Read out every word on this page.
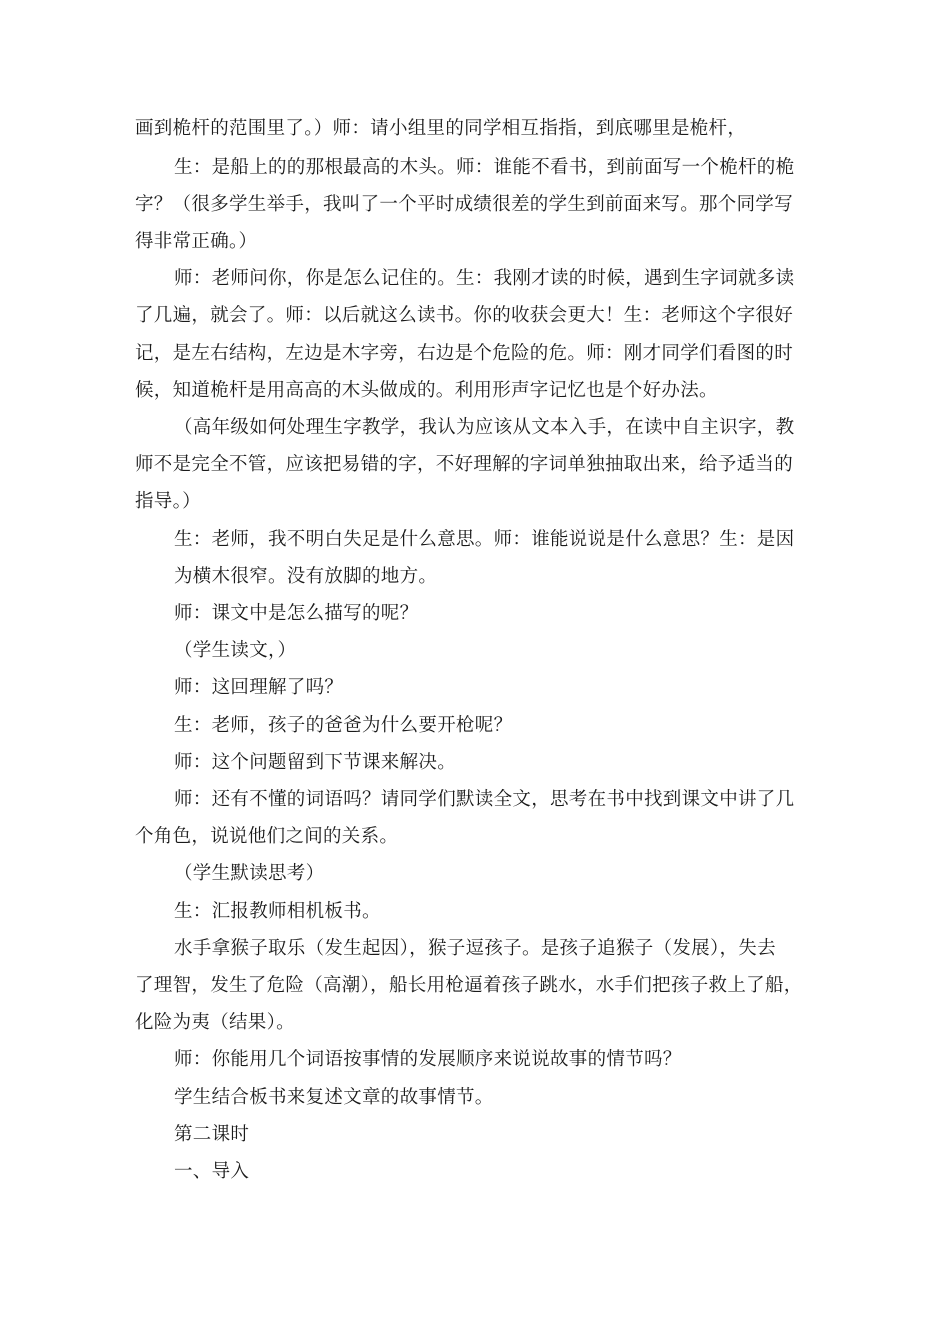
画到桅杆的范围里了。）师：请小组里的同学相互指指，到底哪里是桅杆，

生：是船上的的那根最高的木头。师：谁能不看书，到前面写一个桅杆的桅

字？（很多学生举手，我叫了一个平时成绩很差的学生到前面来写。那个同学写

得非常正确。）

师：老师问你，你是怎么记住的。生：我刚才读的时候，遇到生字词就多读

了几遍，就会了。师：以后就这么读书。你的收获会更大！生：老师这个字很好

记，是左右结构，左边是木字旁，右边是个危险的危。师：刚才同学们看图的时

候，知道桅杆是用高高的木头做成的。利用形声字记忆也是个好办法。

（高年级如何处理生字教学，我认为应该从文本入手，在读中自主识字，教

师不是完全不管，应该把易错的字，不好理解的字词单独抽取出来，给予适当的

指导。）

生：老师，我不明白失足是什么意思。师：谁能说说是什么意思？生：是因

为横木很窄。没有放脚的地方。

师：课文中是怎么描写的呢？

（学生读文，）

师：这回理解了吗？

生：老师，孩子的爸爸为什么要开枪呢？

师：这个问题留到下节课来解决。

师：还有不懂的词语吗？请同学们默读全文，思考在书中找到课文中讲了几

个角色，说说他们之间的关系。

（学生默读思考）

生：汇报教师相机板书。

水手拿猴子取乐（发生起因），猴子逗孩子。是孩子追猴子（发展），失去

了理智，发生了危险（高潮），船长用枪逼着孩子跳水，水手们把孩子救上了船，

化险为夷（结果）。

师：你能用几个词语按事情的发展顺序来说说故事的情节吗？

学生结合板书来复述文章的故事情节。

第二课时

一、导入
